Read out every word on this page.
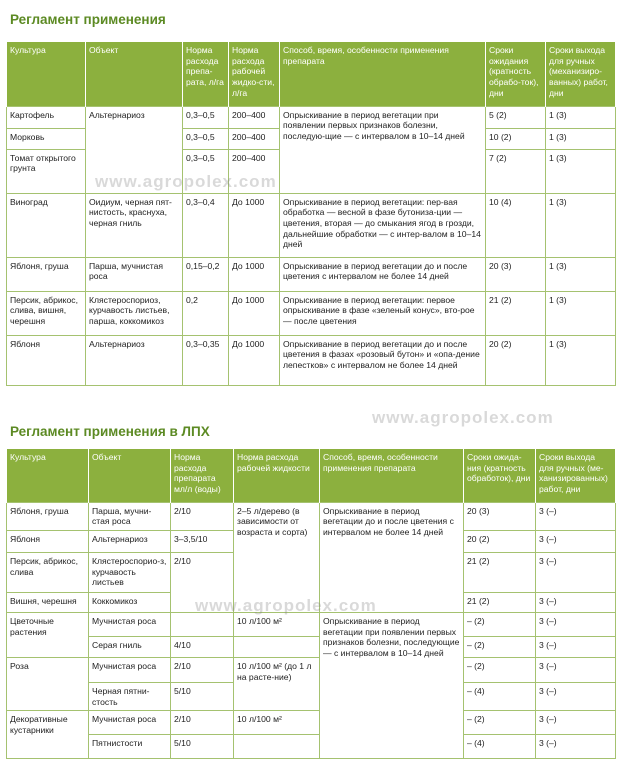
Регламент применения
Культура	Объект	Норма расхода препа-рата, л/га	Норма расхода рабочей жидко-сти, л/га	Способ, время, особенности применения препарата	Сроки ожидания (кратность обрабо-ток), дни	Сроки выхода для ручных (механизиро-ванных) работ, дни
Картофель	Альтернариоз	0,3–0,5	200–400	Опрыскивание в период вегетации при появлении первых признаков болезни, последую-щие — с интервалом в 10–14 дней	5 (2)	1 (3)
Морковь		0,3–0,5	200–400		10 (2)	1 (3)
Томат открытого грунта		0,3–0,5	200–400		7 (2)	1 (3)
Виноград	Оидиум, черная пят-нистость, краснуха, черная гниль	0,3–0,4	До 1000	Опрыскивание в период вегетации: пер-вая обработка — весной в фазе бутониза-ции — цветения, вторая — до смыкания ягод в грозди, дальнейшие обработки — с интер-валом в 10–14 дней	10 (4)	1 (3)
Яблоня, груша	Парша, мучнистая роса	0,15–0,2	До 1000	Опрыскивание в период вегетации до и после цветения с интервалом не более 14 дней	20 (3)	1 (3)
Персик, абрикос, слива, вишня, черешня	Клястероспориоз, курчавость листьев, парша, коккомикоз	0,2	До 1000	Опрыскивание в период вегетации: первое опрыскивание в фазе «зеленый конус», вто-рое — после цветения	21 (2)	1 (3)
Яблоня	Альтернариоз	0,3–0,35	До 1000	Опрыскивание в период вегетации до и после цветения в фазах «розовый бутон» и «опа-дение лепестков» с интервалом не более 14 дней	20 (2)	1 (3)
Регламент применения в ЛПХ
Культура	Объект	Норма расхода препарата мл/л (воды)	Норма расхода рабочей жидкости	Способ, время, особенности применения препарата	Сроки ожида-ния (кратность обработок), дни	Сроки выхода для ручных (ме-ханизированных) работ, дни
Яблоня, груша	Парша, мучни-стая роса	2/10	2–5 л/дерево (в зависимости от возраста и сорта)	Опрыскивание в период вегетации до и после цветения с интервалом не более 14 дней	20 (3)	3 (–)
Яблоня	Альтернариоз	3–3,5/10			20 (2)	3 (–)
Персик, абрикос, слива	Клястероспорио-з, курчавость листьев	2/10			21 (2)	3 (–)
Вишня, черешня	Коккомикоз				21 (2)	3 (–)
Цветочные растения	Мучнистая роса		10 л/100 м²	Опрыскивание в период вегетации при появлении первых признаков болезни, последующие — с интервалом в 10–14 дней	– (2)	3 (–)
	Серая гниль	4/10			– (2)	3 (–)
Роза	Мучнистая роса	2/10	10 л/100 м² (до 1 л на расте-ние)		– (2)	3 (–)
	Черная пятни-стость	5/10			– (4)	3 (–)
Декоративные кустарники	Мучнистая роса	2/10	10 л/100 м²		– (2)	3 (–)
	Пятнистости	5/10			– (4)	3 (–)
www.agropolex.com
www.agropolex.com
www.agropolex.com
